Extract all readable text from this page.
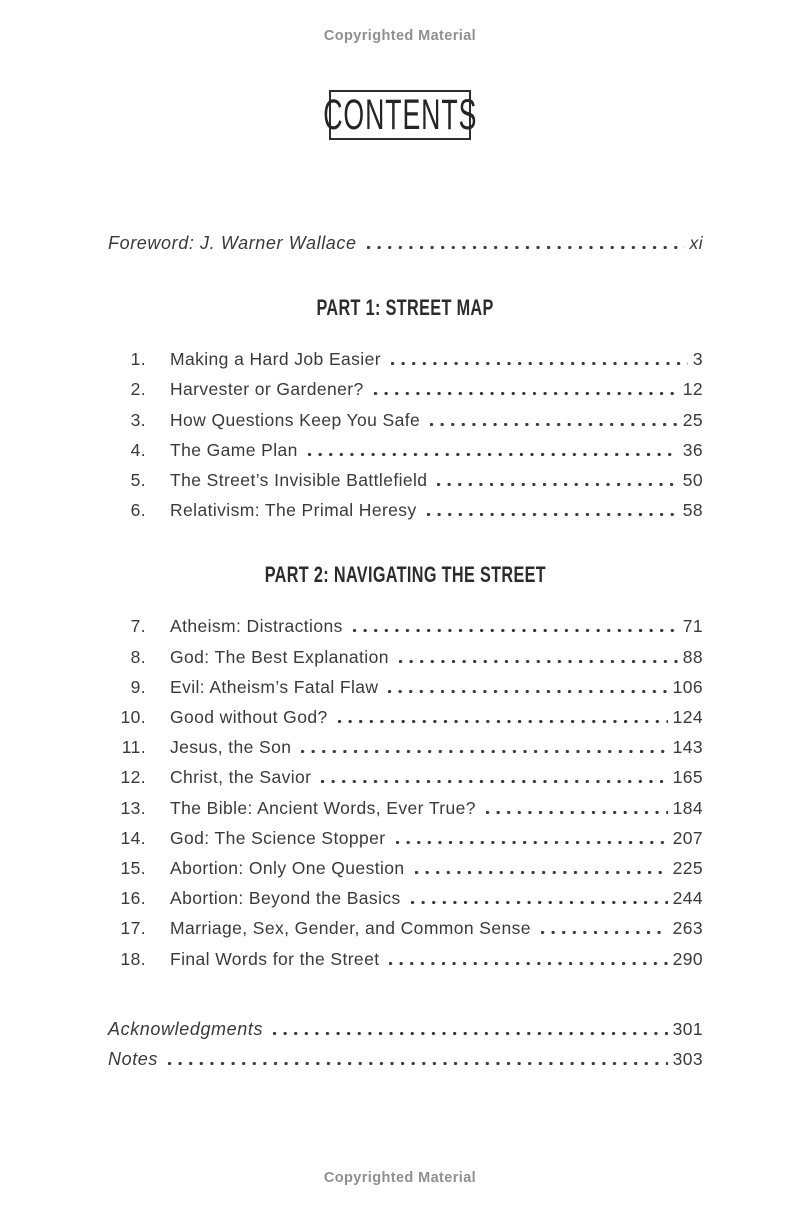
Copyrighted Material
CONTENTS
Foreword: J. Warner Wallace	xi
PART 1: STREET MAP
1. Making a Hard Job Easier	3
2. Harvester or Gardener?	12
3. How Questions Keep You Safe	25
4. The Game Plan	36
5. The Street’s Invisible Battlefield	50
6. Relativism: The Primal Heresy	58
PART 2: NAVIGATING THE STREET
7. Atheism: Distractions	71
8. God: The Best Explanation	88
9. Evil: Atheism’s Fatal Flaw	106
10. Good without God?	124
11. Jesus, the Son	143
12. Christ, the Savior	165
13. The Bible: Ancient Words, Ever True?	184
14. God: The Science Stopper	207
15. Abortion: Only One Question	225
16. Abortion: Beyond the Basics	244
17. Marriage, Sex, Gender, and Common Sense	263
18. Final Words for the Street	290
Acknowledgments	301
Notes	303
Copyrighted Material
